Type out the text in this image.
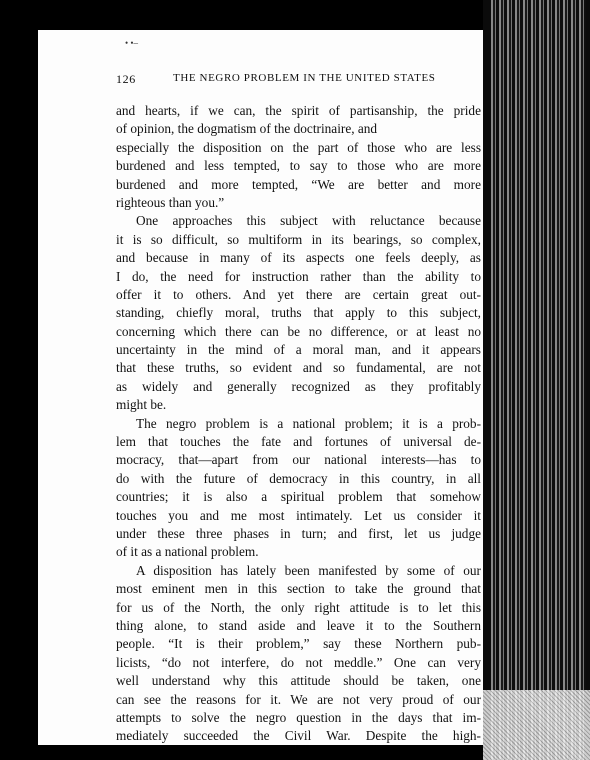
• •–
126	THE NEGRO PROBLEM IN THE UNITED STATES
and hearts, if we can, the spirit of partisanship, the pride
of opinion, the dogmatism of the doctrinaire, and
especially the disposition on the part of those who are less
burdened and less tempted, to say to those who are more
burdened and more tempted, “We are better and more
righteous than you.”
One approaches this subject with reluctance because
it is so difficult, so multiform in its bearings, so complex,
and because in many of its aspects one feels deeply, as
I do, the need for instruction rather than the ability to
offer it to others. And yet there are certain great out-
standing, chiefly moral, truths that apply to this subject,
concerning which there can be no difference, or at least no
uncertainty in the mind of a moral man, and it appears
that these truths, so evident and so fundamental, are not
as widely and generally recognized as they profitably
might be.
The negro problem is a national problem; it is a prob-
lem that touches the fate and fortunes of universal de-
mocracy, that—apart from our national interests—has to
do with the future of democracy in this country, in all
countries; it is also a spiritual problem that somehow
touches you and me most intimately. Let us consider it
under these three phases in turn; and first, let us judge
of it as a national problem.
A disposition has lately been manifested by some of our
most eminent men in this section to take the ground that
for us of the North, the only right attitude is to let this
thing alone, to stand aside and leave it to the Southern
people. “It is their problem,” say these Northern pub-
licists, “do not interfere, do not meddle.” One can very
well understand why this attitude should be taken, one
can see the reasons for it. We are not very proud of our
attempts to solve the negro question in the days that im-
mediately succeeded the Civil War. Despite the high-
